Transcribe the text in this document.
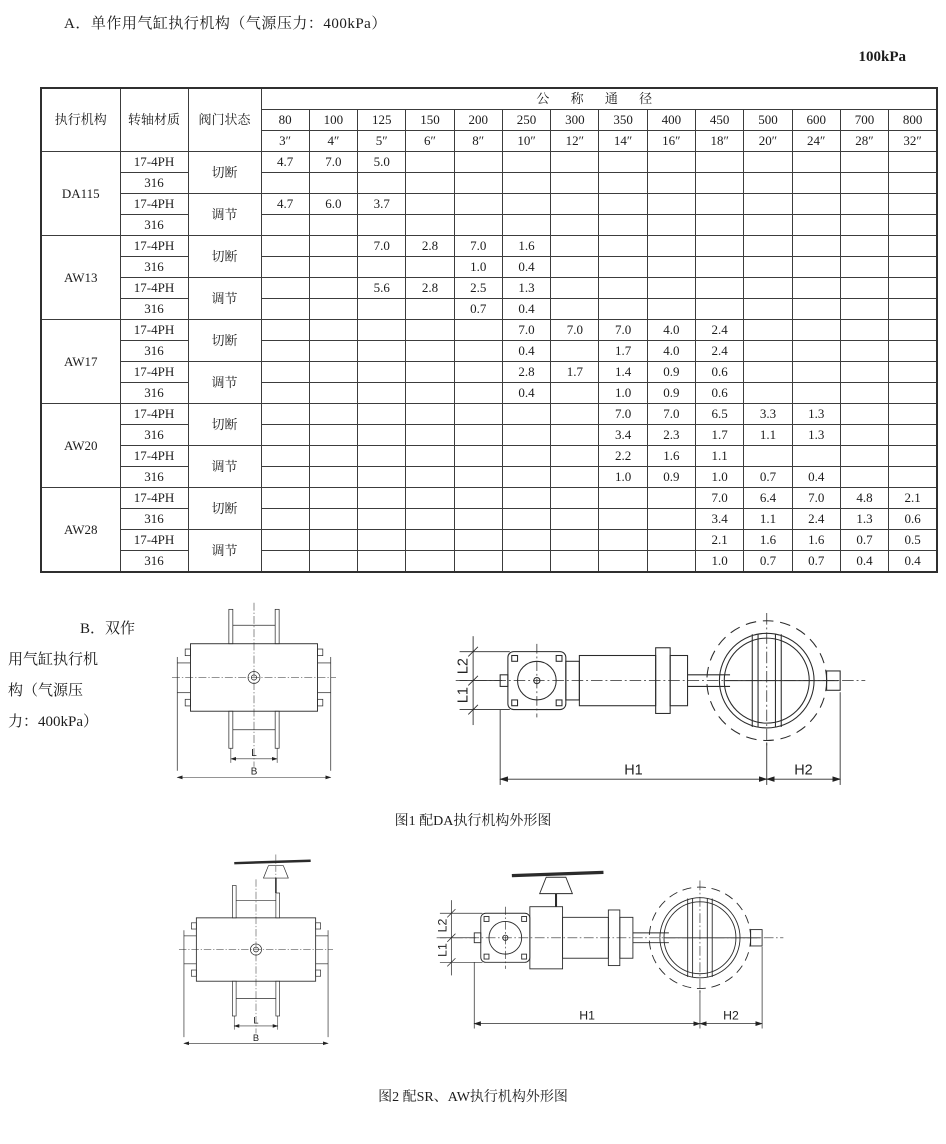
A．单作用气缸执行机构（气源压力：400kPa）
100kPa
执行机构	转轴材质	阀门状态	公 称 通 径													
			80	100	125	150	200	250	300	350	400	450	500	600	700	800
			3″	4″	5″	6″	8″	10″	12″	14″	16″	18″	20″	24″	28″	32″
DA115	17-4PH	切断	4.7	7.0	5.0											
	316															
	17-4PH	调节	4.7	6.0	3.7											
	316															
AW13	17-4PH	切断			7.0	2.8	7.0	1.6								
	316						1.0	0.4								
	17-4PH	调节			5.6	2.8	2.5	1.3								
	316						0.7	0.4								
AW17	17-4PH	切断						7.0	7.0	7.0	4.0	2.4				
	316							0.4		1.7	4.0	2.4				
	17-4PH	调节						2.8	1.7	1.4	0.9	0.6				
	316							0.4		1.0	0.9	0.6				
AW20	17-4PH	切断								7.0	7.0	6.5	3.3	1.3		
	316									3.4	2.3	1.7	1.1	1.3		
	17-4PH	调节								2.2	1.6	1.1				
	316									1.0	0.9	1.0	0.7	0.4		
AW28	17-4PH	切断										7.0	6.4	7.0	4.8	2.1
	316											3.4	1.1	2.4	1.3	0.6
	17-4PH	调节										2.1	1.6	1.6	0.7	0.5
	316											1.0	0.7	0.7	0.4	0.4
B．双作
用气缸执行机
构（气源压
力：400kPa）
L
B
L2
L1
H1	H2
图1 配DA执行机构外形图
L
B
L2
L1
H1	H2
图2 配SR、AW执行机构外形图
